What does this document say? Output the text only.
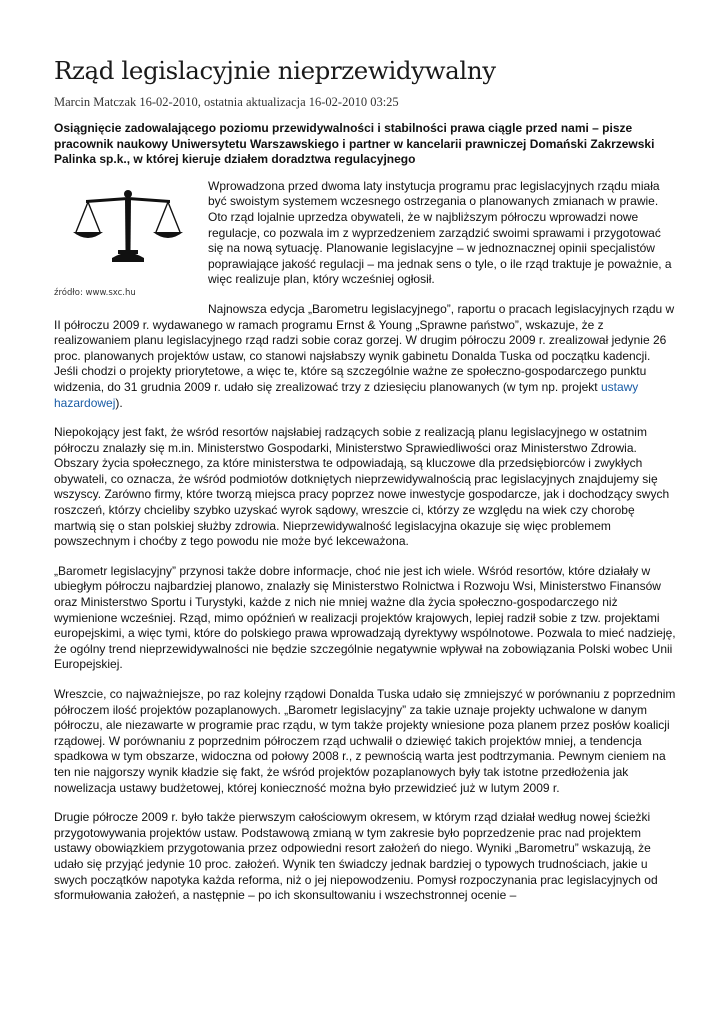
Rząd legislacyjnie nieprzewidywalny
Marcin Matczak 16-02-2010, ostatnia aktualizacja 16-02-2010 03:25
Osiągnięcie zadowalającego poziomu przewidywalności i stabilności prawa ciągle przed nami – pisze pracownik naukowy Uniwersytetu Warszawskiego i partner w kancelarii prawniczej Domański Zakrzewski Palinka sp.k., w której kieruje działem doradztwa regulacyjnego
źródło: www.sxc.hu

Wprowadzona przed dwoma laty instytucja programu prac legislacyjnych rządu miała być swoistym systemem wczesnego ostrzegania o planowanych zmianach w prawie. Oto rząd lojalnie uprzedza obywateli, że w najbliższym półroczu wprowadzi nowe regulacje, co pozwala im z wyprzedzeniem zarządzić swoimi sprawami i przygotować się na nową sytuację. Planowanie legislacyjne – w jednoznacznej opinii specjalistów poprawiające jakość regulacji – ma jednak sens o tyle, o ile rząd traktuje je poważnie, a więc realizuje plan, który wcześniej ogłosił.

Najnowsza edycja „Barometru legislacyjnego”, raportu o pracach legislacyjnych rządu w II półroczu 2009 r. wydawanego w ramach programu Ernst & Young „Sprawne państwo”, wskazuje, że z realizowaniem planu legislacyjnego rząd radzi sobie coraz gorzej. W drugim półroczu 2009 r. zrealizował jedynie 26 proc. planowanych projektów ustaw, co stanowi najsłabszy wynik gabinetu Donalda Tuska od początku kadencji. Jeśli chodzi o projekty priorytetowe, a więc te, które są szczególnie ważne ze społeczno-gospodarczego punktu widzenia, do 31 grudnia 2009 r. udało się zrealizować trzy z dziesięciu planowanych (w tym np. projekt ustawy hazardowej).

Niepokojący jest fakt, że wśród resortów najsłabiej radzących sobie z realizacją planu legislacyjnego w ostatnim półroczu znalazły się m.in. Ministerstwo Gospodarki, Ministerstwo Sprawiedliwości oraz Ministerstwo Zdrowia. Obszary życia społecznego, za które ministerstwa te odpowiadają, są kluczowe dla przedsiębiorców i zwykłych obywateli, co oznacza, że wśród podmiotów dotkniętych nieprzewidywalnością prac legislacyjnych znajdujemy się wszyscy. Zarówno firmy, które tworzą miejsca pracy poprzez nowe inwestycje gospodarcze, jak i dochodzący swych roszczeń, którzy chcieliby szybko uzyskać wyrok sądowy, wreszcie ci, którzy ze względu na wiek czy chorobę martwią się o stan polskiej służby zdrowia. Nieprzewidywalność legislacyjna okazuje się więc problemem powszechnym i choćby z tego powodu nie może być lekceważona.

„Barometr legislacyjny” przynosi także dobre informacje, choć nie jest ich wiele. Wśród resortów, które działały w ubiegłym półroczu najbardziej planowo, znalazły się Ministerstwo Rolnictwa i Rozwoju Wsi, Ministerstwo Finansów oraz Ministerstwo Sportu i Turystyki, każde z nich nie mniej ważne dla życia społeczno-gospodarczego niż wymienione wcześniej. Rząd, mimo opóźnień w realizacji projektów krajowych, lepiej radził sobie z tzw. projektami europejskimi, a więc tymi, które do polskiego prawa wprowadzają dyrektywy wspólnotowe. Pozwala to mieć nadzieję, że ogólny trend nieprzewidywalności nie będzie szczególnie negatywnie wpływał na zobowiązania Polski wobec Unii Europejskiej.

Wreszcie, co najważniejsze, po raz kolejny rządowi Donalda Tuska udało się zmniejszyć w porównaniu z poprzednim półroczem ilość projektów pozaplanowych. „Barometr legislacyjny” za takie uznaje projekty uchwalone w danym półroczu, ale niezawarte w programie prac rządu, w tym także projekty wniesione poza planem przez posłów koalicji rządowej. W porównaniu z poprzednim półroczem rząd uchwalił o dziewięć takich projektów mniej, a tendencja spadkowa w tym obszarze, widoczna od połowy 2008 r., z pewnością warta jest podtrzymania. Pewnym cieniem na ten nie najgorszy wynik kładzie się fakt, że wśród projektów pozaplanowych były tak istotne przedłożenia jak nowelizacja ustawy budżetowej, której konieczność można było przewidzieć już w lutym 2009 r.

Drugie półrocze 2009 r. było także pierwszym całościowym okresem, w którym rząd działał według nowej ścieżki przygotowywania projektów ustaw. Podstawową zmianą w tym zakresie było poprzedzenie prac nad projektem ustawy obowiązkiem przygotowania przez odpowiedni resort założeń do niego. Wyniki „Barometru” wskazują, że udało się przyjąć jedynie 10 proc. założeń. Wynik ten świadczy jednak bardziej o typowych trudnościach, jakie u swych początków napotyka każda reforma, niż o jej niepowodzeniu. Pomysł rozpoczynania prac legislacyjnych od sformułowania założeń, a następnie – po ich skonsultowaniu i wszechstronnej ocenie –
